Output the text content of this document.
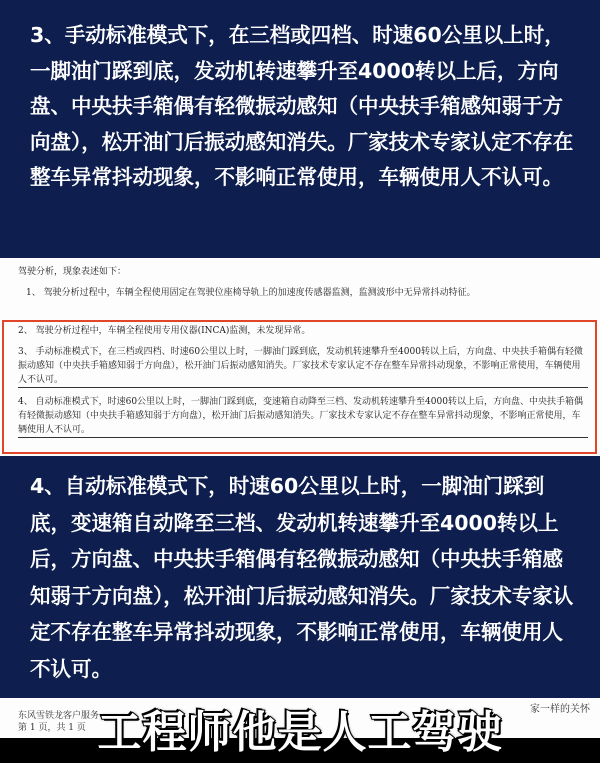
3、手动标准模式下，在三档或四档、时速60公里以上时，一脚油门踩到底，发动机转速攀升至4000转以上后，方向盘、中央扶手箱偶有轻微振动感知（中央扶手箱感知弱于方向盘），松开油门后振动感知消失。厂家技术专家认定不存在整车异常抖动现象，不影响正常使用，车辆使用人不认可。
驾驶分析，现象表述如下：
1、 驾驶分析过程中，车辆全程使用固定在驾驶位座椅导轨上的加速度传感器监测，监测波形中无异常抖动特征。
2、 驾驶分析过程中，车辆全程使用专用仪器(INCA)监测，未发现异常。
3、 手动标准模式下，在三档或四档、时速60公里以上时，一脚油门踩到底，发动机转速攀升至4000转以上后，方向盘、中央扶手箱偶有轻微振动感知（中央扶手箱感知弱于方向盘），松开油门后振动感知消失。厂家技术专家认定不存在整车异常抖动现象，不影响正常使用，车辆使用人不认可。
4、 自动标准模式下，时速60公里以上时，一脚油门踩到底，变速箱自动降至三档、发动机转速攀升至4000转以上后，方向盘、中央扶手箱偶有轻微振动感知（中央扶手箱感知弱于方向盘），松开油门后振动感知消失。厂家技术专家认定不存在整车异常抖动现象，不影响正常使用，车辆使用人不认可。
4、自动标准模式下，时速60公里以上时，一脚油门踩到底，变速箱自动降至三档、发动机转速攀升至4000转以上后，方向盘、中央扶手箱偶有轻微振动感知（中央扶手箱感知弱于方向盘），松开油门后振动感知消失。厂家技术专家认定不存在整车异常抖动现象，不影响正常使用，车辆使用人不认可。
东风雪铁龙客户服务
第 1 页，共 1 页
家一样的关怀
工程师他是人工驾驶
